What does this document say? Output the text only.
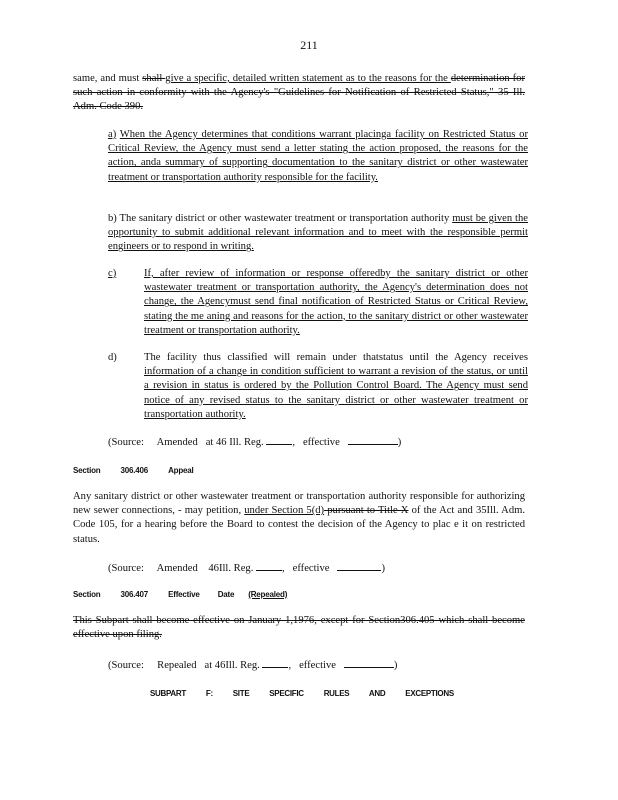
211
same, and must shall give a specific, detailed written statement as to the reasons for the determination for such action in conformity with the Agency's "Guidelines for Notification of Restricted Status," 35 Ill. Adm. Code 390.
a) When the Agency determines that conditions warrant placinga facility on Restricted Status or Critical Review, the Agency must send a letter stating the action proposed, the reasons for the action, anda summary of supporting documentation to the sanitary district or other wastewater treatment or transportation authority responsible for the facility.
b) The sanitary district or other wastewater treatment or transportation authority must be given the opportunity to submit additional relevant information and to meet with the responsible permit engineers or to respond in writing.
c)	If, after review of information or response offeredby the sanitary district or other wastewater treatment or transportation authority, the Agency's determination does not change, the Agencymust send final notification of Restricted Status or Critical Review, stating the me aning and reasons for the action, to the sanitary district or other wastewater treatment or transportation authority.
d)	The facility thus classified will remain under thatstatus until the Agency receives information of a change in condition sufficient to warrant a revision of the status, or until a revision in status is ordered by the Pollution Control Board. The Agency must send notice of any revised status to the sanitary district or other wastewater treatment or transportation authority.
(Source: Amended at 46 Ill. Reg.	, effective	)
Section	306.406	Appeal
Any sanitary district or other wastewater treatment or transportation authority responsible for authorizing new sewer connections, - may petition, under Section 5(d) pursuant to Title X of the Act and 35Ill. Adm. Code 105, for a hearing before the Board to contest the decision of the Agency to plac e it on restricted status.
(Source: Amended 46Ill. Reg.	, effective	)
Section	306.407	Effective Date (Repealed)
This Subpart shall become effective on January 1,1976, except for Section306.405 which shall become effective upon filing.
(Source: Repealed at 46Ill. Reg.	, effective	)
SUBPART F: SITE SPECIFIC RULES AND EXCEPTIONS
